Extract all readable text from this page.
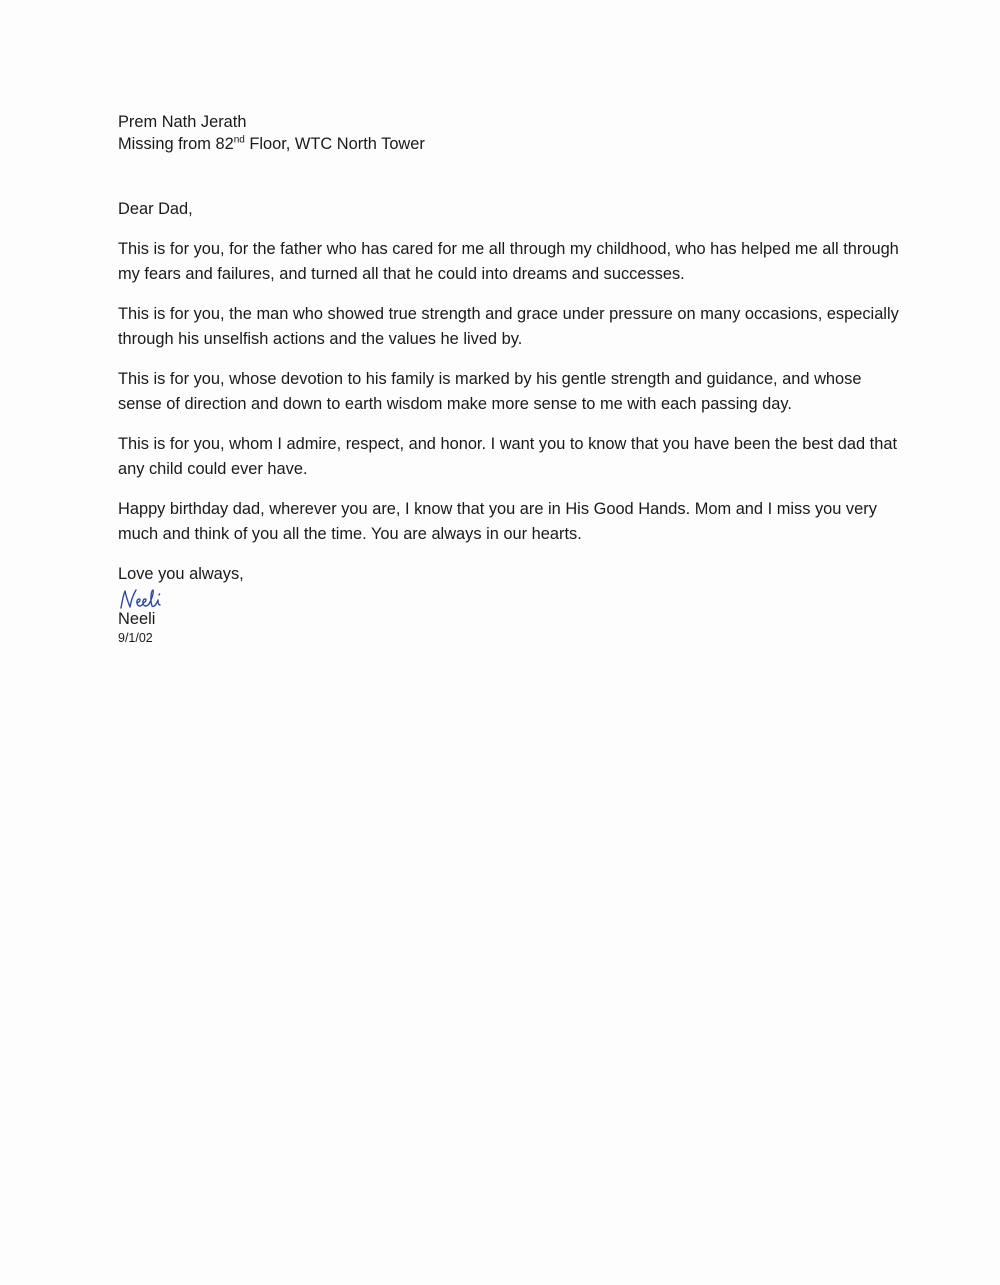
Prem Nath Jerath

Missing from 82nd Floor, WTC North Tower

Dear Dad,

This is for you, for the father who has cared for me all through my childhood, who has helped me all through my fears and failures, and turned all that he could into dreams and successes.

This is for you, the man who showed true strength and grace under pressure on many occasions, especially through his unselfish actions and the values he lived by.

This is for you, whose devotion to his family is marked by his gentle strength and guidance, and whose sense of direction and down to earth wisdom make more sense to me with each passing day.

This is for you, whom I admire, respect, and honor. I want you to know that you have been the best dad that any child could ever have.

Happy birthday dad, wherever you are, I know that you are in His Good Hands. Mom and I miss you very much and think of you all the time. You are always in our hearts.

Love you always,

Neeli

9/1/02
